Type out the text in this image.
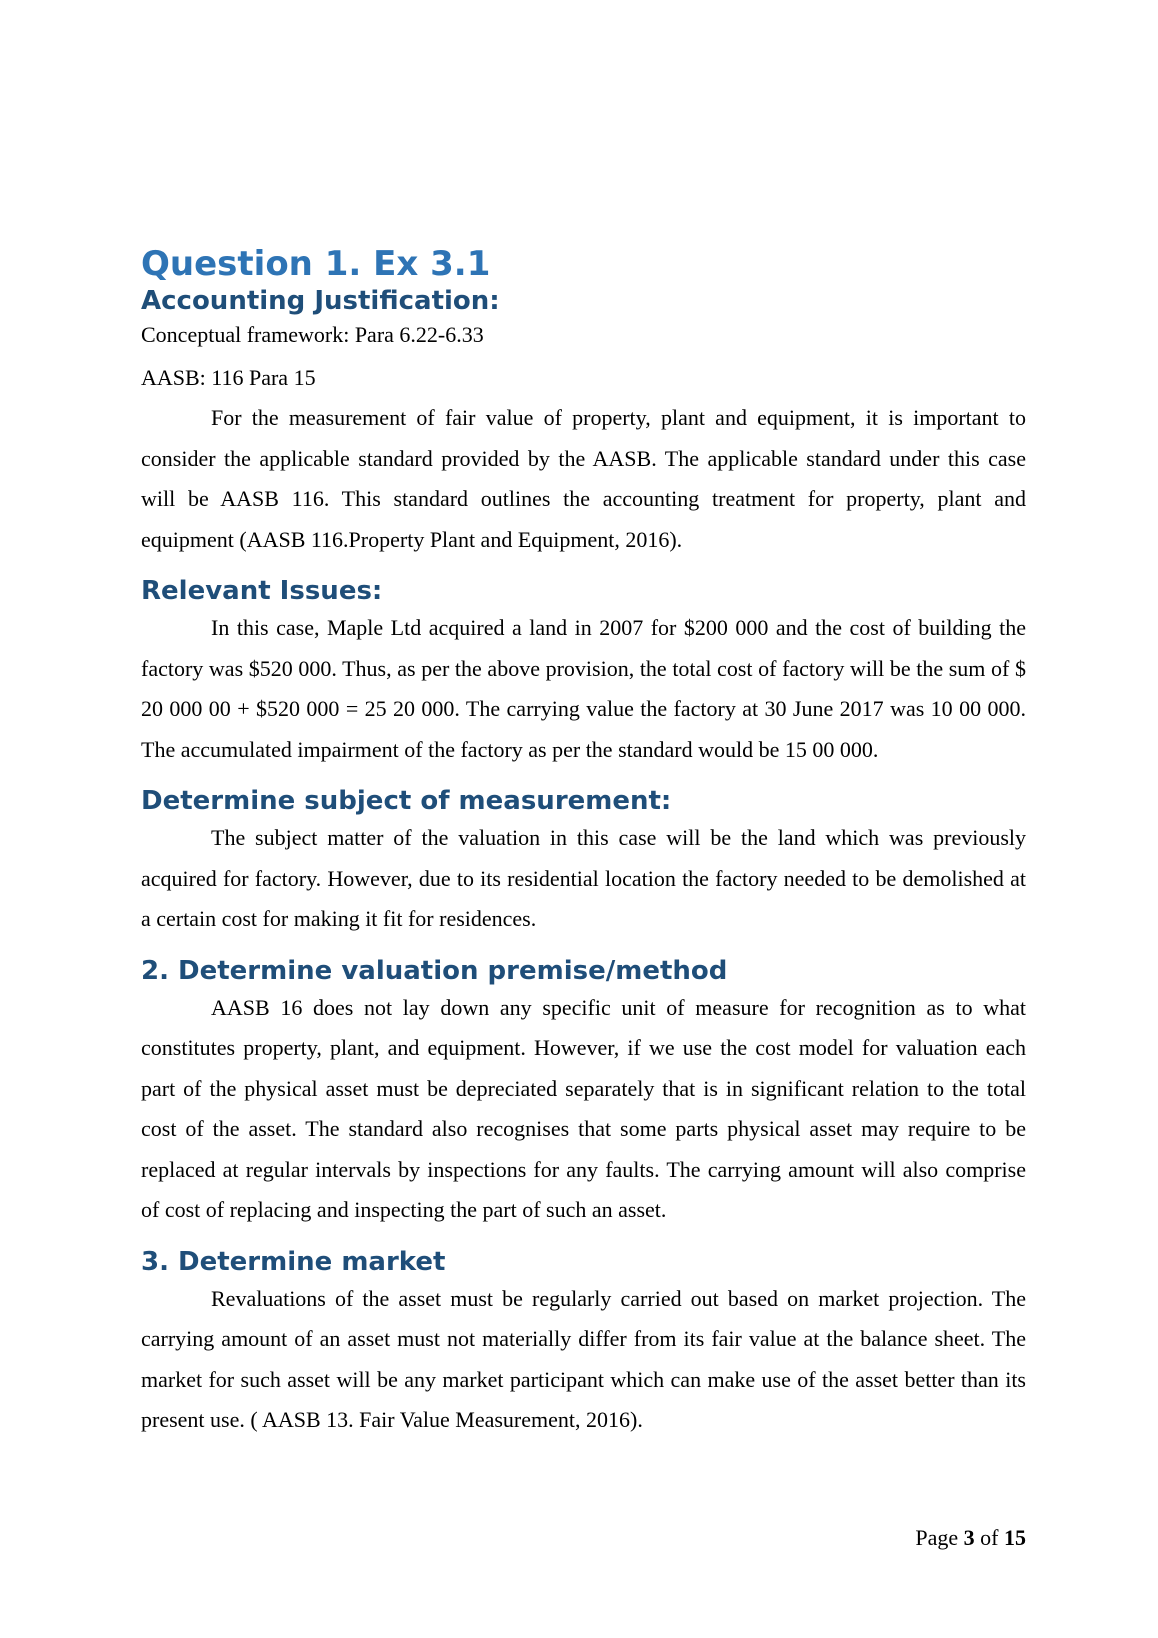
Question 1. Ex 3.1
Accounting Justification:

Conceptual framework: Para 6.22-6.33

AASB: 116 Para 15

For the measurement of fair value of property, plant and equipment, it is important to consider the applicable standard provided by the AASB. The applicable standard under this case will be AASB 116. This standard outlines the accounting treatment for property, plant and equipment (AASB 116.Property Plant and Equipment, 2016).

Relevant Issues:

In this case, Maple Ltd acquired a land in 2007 for $200 000 and the cost of building the factory was $520 000. Thus, as per the above provision, the total cost of factory will be the sum of $ 20 000 00 + $520 000 = 25 20 000. The carrying value the factory at 30 June 2017 was 10 00 000. The accumulated impairment of the factory as per the standard would be 15 00 000.

Determine subject of measurement:

The subject matter of the valuation in this case will be the land which was previously acquired for factory. However, due to its residential location the factory needed to be demolished at a certain cost for making it fit for residences.

2. Determine valuation premise/method

AASB 16 does not lay down any specific unit of measure for recognition as to what constitutes property, plant, and equipment. However, if we use the cost model for valuation each part of the physical asset must be depreciated separately that is in significant relation to the total cost of the asset. The standard also recognises that some parts physical asset may require to be replaced at regular intervals by inspections for any faults. The carrying amount will also comprise of cost of replacing and inspecting the part of such an asset.

3. Determine market

Revaluations of the asset must be regularly carried out based on market projection. The carrying amount of an asset must not materially differ from its fair value at the balance sheet. The market for such asset will be any market participant which can make use of the asset better than its present use. ( AASB 13. Fair Value Measurement, 2016).

Page 3 of 15
